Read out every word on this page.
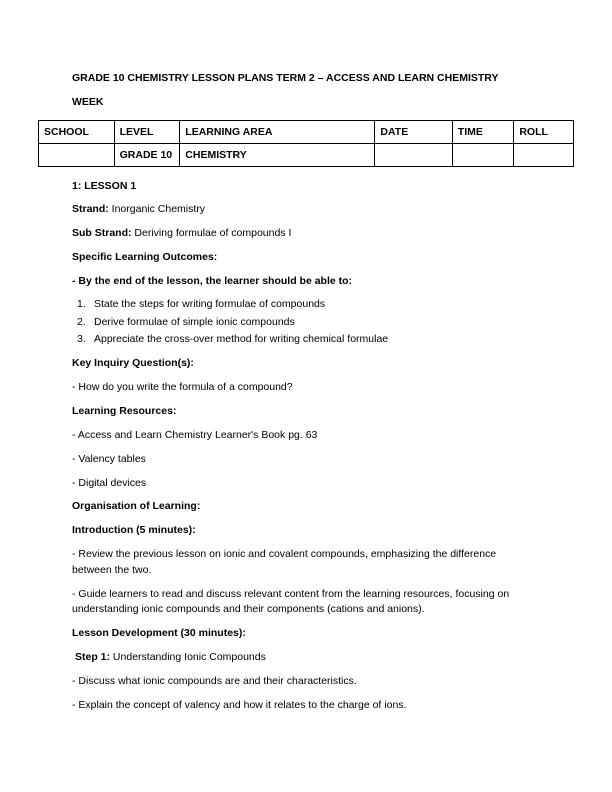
GRADE 10 CHEMISTRY LESSON PLANS TERM 2 – ACCESS AND LEARN CHEMISTRY
WEEK
SCHOOL	LEVEL	LEARNING AREA	DATE	TIME	ROLL
	GRADE 10	CHEMISTRY			
1: LESSON 1
Strand: Inorganic Chemistry
Sub Strand: Deriving formulae of compounds I
Specific Learning Outcomes:
- By the end of the lesson, the learner should be able to:
1. State the steps for writing formulae of compounds
2. Derive formulae of simple ionic compounds
3. Appreciate the cross-over method for writing chemical formulae
Key Inquiry Question(s):
- How do you write the formula of a compound?
Learning Resources:
- Access and Learn Chemistry Learner's Book pg. 63
- Valency tables
- Digital devices
Organisation of Learning:
Introduction (5 minutes):
- Review the previous lesson on ionic and covalent compounds, emphasizing the difference
between the two.
- Guide learners to read and discuss relevant content from the learning resources, focusing on
understanding ionic compounds and their components (cations and anions).
Lesson Development (30 minutes):
Step 1: Understanding Ionic Compounds
- Discuss what ionic compounds are and their characteristics.
- Explain the concept of valency and how it relates to the charge of ions.
